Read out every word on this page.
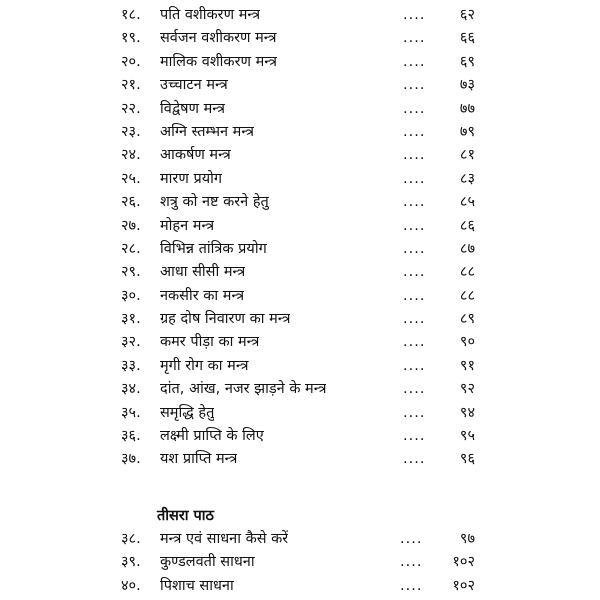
१८.	पति वशीकरण मन्त्र	....	६२
१९.	सर्वजन वशीकरण मन्त्र	....	६६
२०.	मालिक वशीकरण मन्त्र	....	६९
२१.	उच्चाटन मन्त्र	....	७३
२२.	विद्वेषण मन्त्र	....	७७
२३.	अग्नि स्तम्भन मन्त्र	....	७९
२४.	आकर्षण मन्त्र	....	८१
२५.	मारण प्रयोग	....	८३
२६.	शत्रु को नष्ट करने हेतु	....	८५
२७.	मोहन मन्त्र	....	८६
२८.	विभिन्न तांत्रिक प्रयोग	....	८७
२९.	आधा सीसी मन्त्र	....	८८
३०.	नकसीर का मन्त्र	....	८८
३१.	ग्रह दोष निवारण का मन्त्र	....	८९
३२.	कमर पीड़ा का मन्त्र	....	९०
३३.	मृगी रोग का मन्त्र	....	९१
३४.	दांत, आंख, नजर झाड़ने के मन्त्र	....	९२
३५.	समृद्धि हेतु	....	९४
३६.	लक्ष्मी प्राप्ति के लिए	....	९५
३७.	यश प्राप्ति मन्त्र	....	९६
तीसरा पाठ
३८.	मन्त्र एवं साधना कैसे करें	....	९७
३९.	कुण्डलवती साधना	....	१०२
४०.	पिशाच साधना	....	१०२
